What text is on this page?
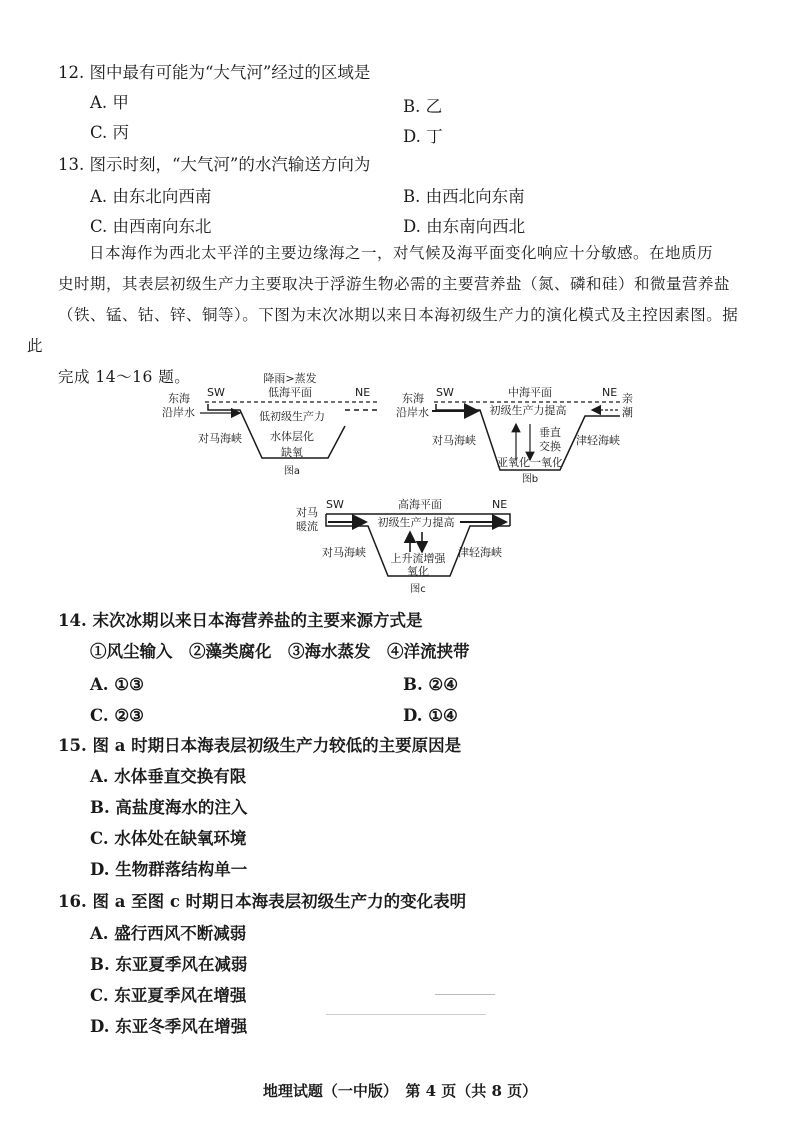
12. 图中最有可能为“大气河”经过的区域是
A. 甲	B. 乙
C. 丙	D. 丁
13. 图示时刻，“大气河”的水汽输送方向为
A. 由东北向西南	B. 由西北向东南
C. 由西南向东北	D. 由东南向西北
日本海作为西北太平洋的主要边缘海之一，对气候及海平面变化响应十分敏感。在地质历
史时期，其表层初级生产力主要取决于浮游生物必需的主要营养盐（氮、磷和硅）和微量营养盐
（铁、锰、钴、锌、铜等）。下图为末次冰期以来日本海初级生产力的演化模式及主控因素图。据此
完成 14～16 题。	降雨>蒸发
低海平面
SW	NE
东海
沿岸水	低初级生产力
水体层化
缺氧
对马海峡
图a
中海平面
SW	NE
东海
沿岸水
亲
潮
初级生产力提高
垂直
交换
亚氧化一氧化
对马海峡	津轻海峡
图b
高海平面
SW	NE
对马
暖流	初级生产力提高
上升流增强
氧化
对马海峡	津轻海峡
图c
14. 末次冰期以来日本海营养盐的主要来源方式是
①风尘输入　②藻类腐化　③海水蒸发　④洋流挟带
A. ①③	B. ②④
C. ②③	D. ①④
15. 图 a 时期日本海表层初级生产力较低的主要原因是
A. 水体垂直交换有限
B. 高盐度海水的注入
C. 水体处在缺氧环境
D. 生物群落结构单一
16. 图 a 至图 c 时期日本海表层初级生产力的变化表明
A. 盛行西风不断减弱
B. 东亚夏季风在减弱
C. 东亚夏季风在增强
D. 东亚冬季风在增强
地理试题（一中版）　第 4 页（共 8 页）
